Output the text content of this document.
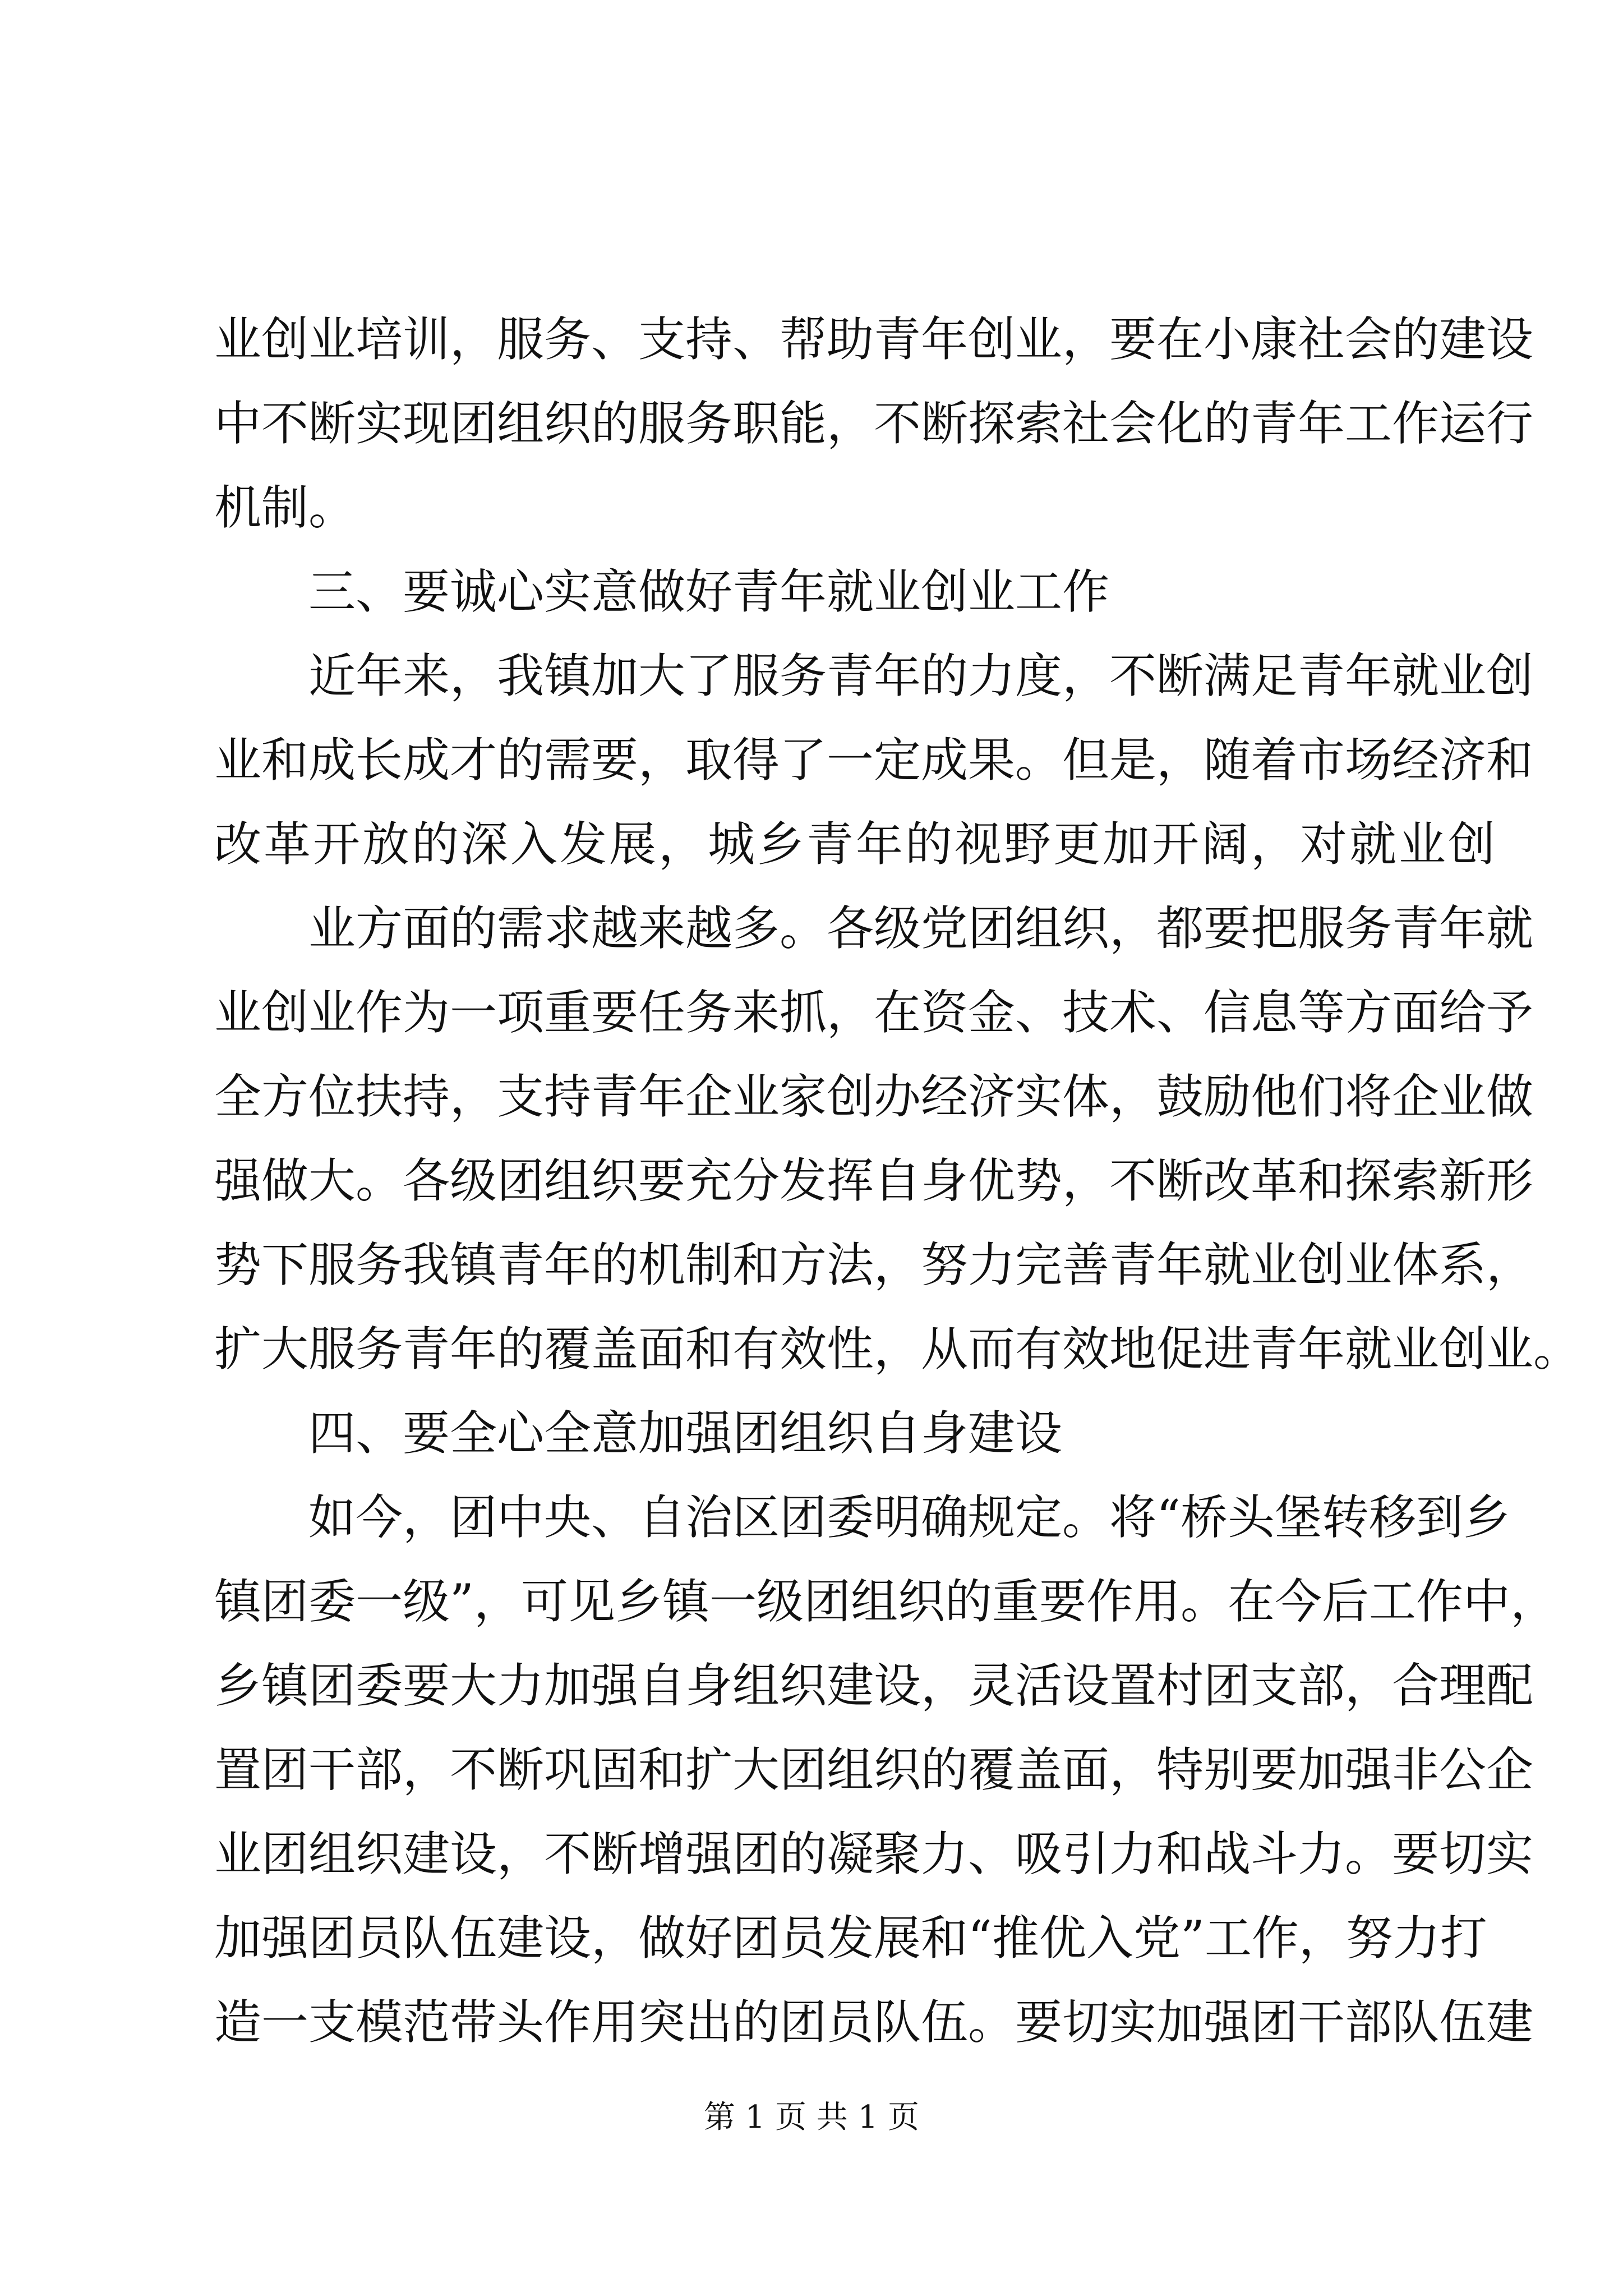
业创业培训，服务、支持、帮助青年创业，要在小康社会的建设
中不断实现团组织的服务职能，不断探索社会化的青年工作运行
机制。
三、要诚心实意做好青年就业创业工作
近年来，我镇加大了服务青年的力度，不断满足青年就业创
业和成长成才的需要，取得了一定成果。但是，随着市场经济和
改革开放的深入发展，城乡青年的视野更加开阔，对就业创
业方面的需求越来越多。各级党团组织，都要把服务青年就
业创业作为一项重要任务来抓，在资金、技术、信息等方面给予
全方位扶持，支持青年企业家创办经济实体，鼓励他们将企业做
强做大。各级团组织要充分发挥自身优势，不断改革和探索新形
势下服务我镇青年的机制和方法，努力完善青年就业创业体系，
扩大服务青年的覆盖面和有效性，从而有效地促进青年就业创业。
四、要全心全意加强团组织自身建设
如今，团中央、自治区团委明确规定。将“桥头堡转移到乡
镇团委一级”，可见乡镇一级团组织的重要作用。在今后工作中，
乡镇团委要大力加强自身组织建设，灵活设置村团支部，合理配
置团干部，不断巩固和扩大团组织的覆盖面，特别要加强非公企
业团组织建设，不断增强团的凝聚力、吸引力和战斗力。要切实
加强团员队伍建设，做好团员发展和“推优入党”工作，努力打
造一支模范带头作用突出的团员队伍。要切实加强团干部队伍建
第 1 页 共 1 页
